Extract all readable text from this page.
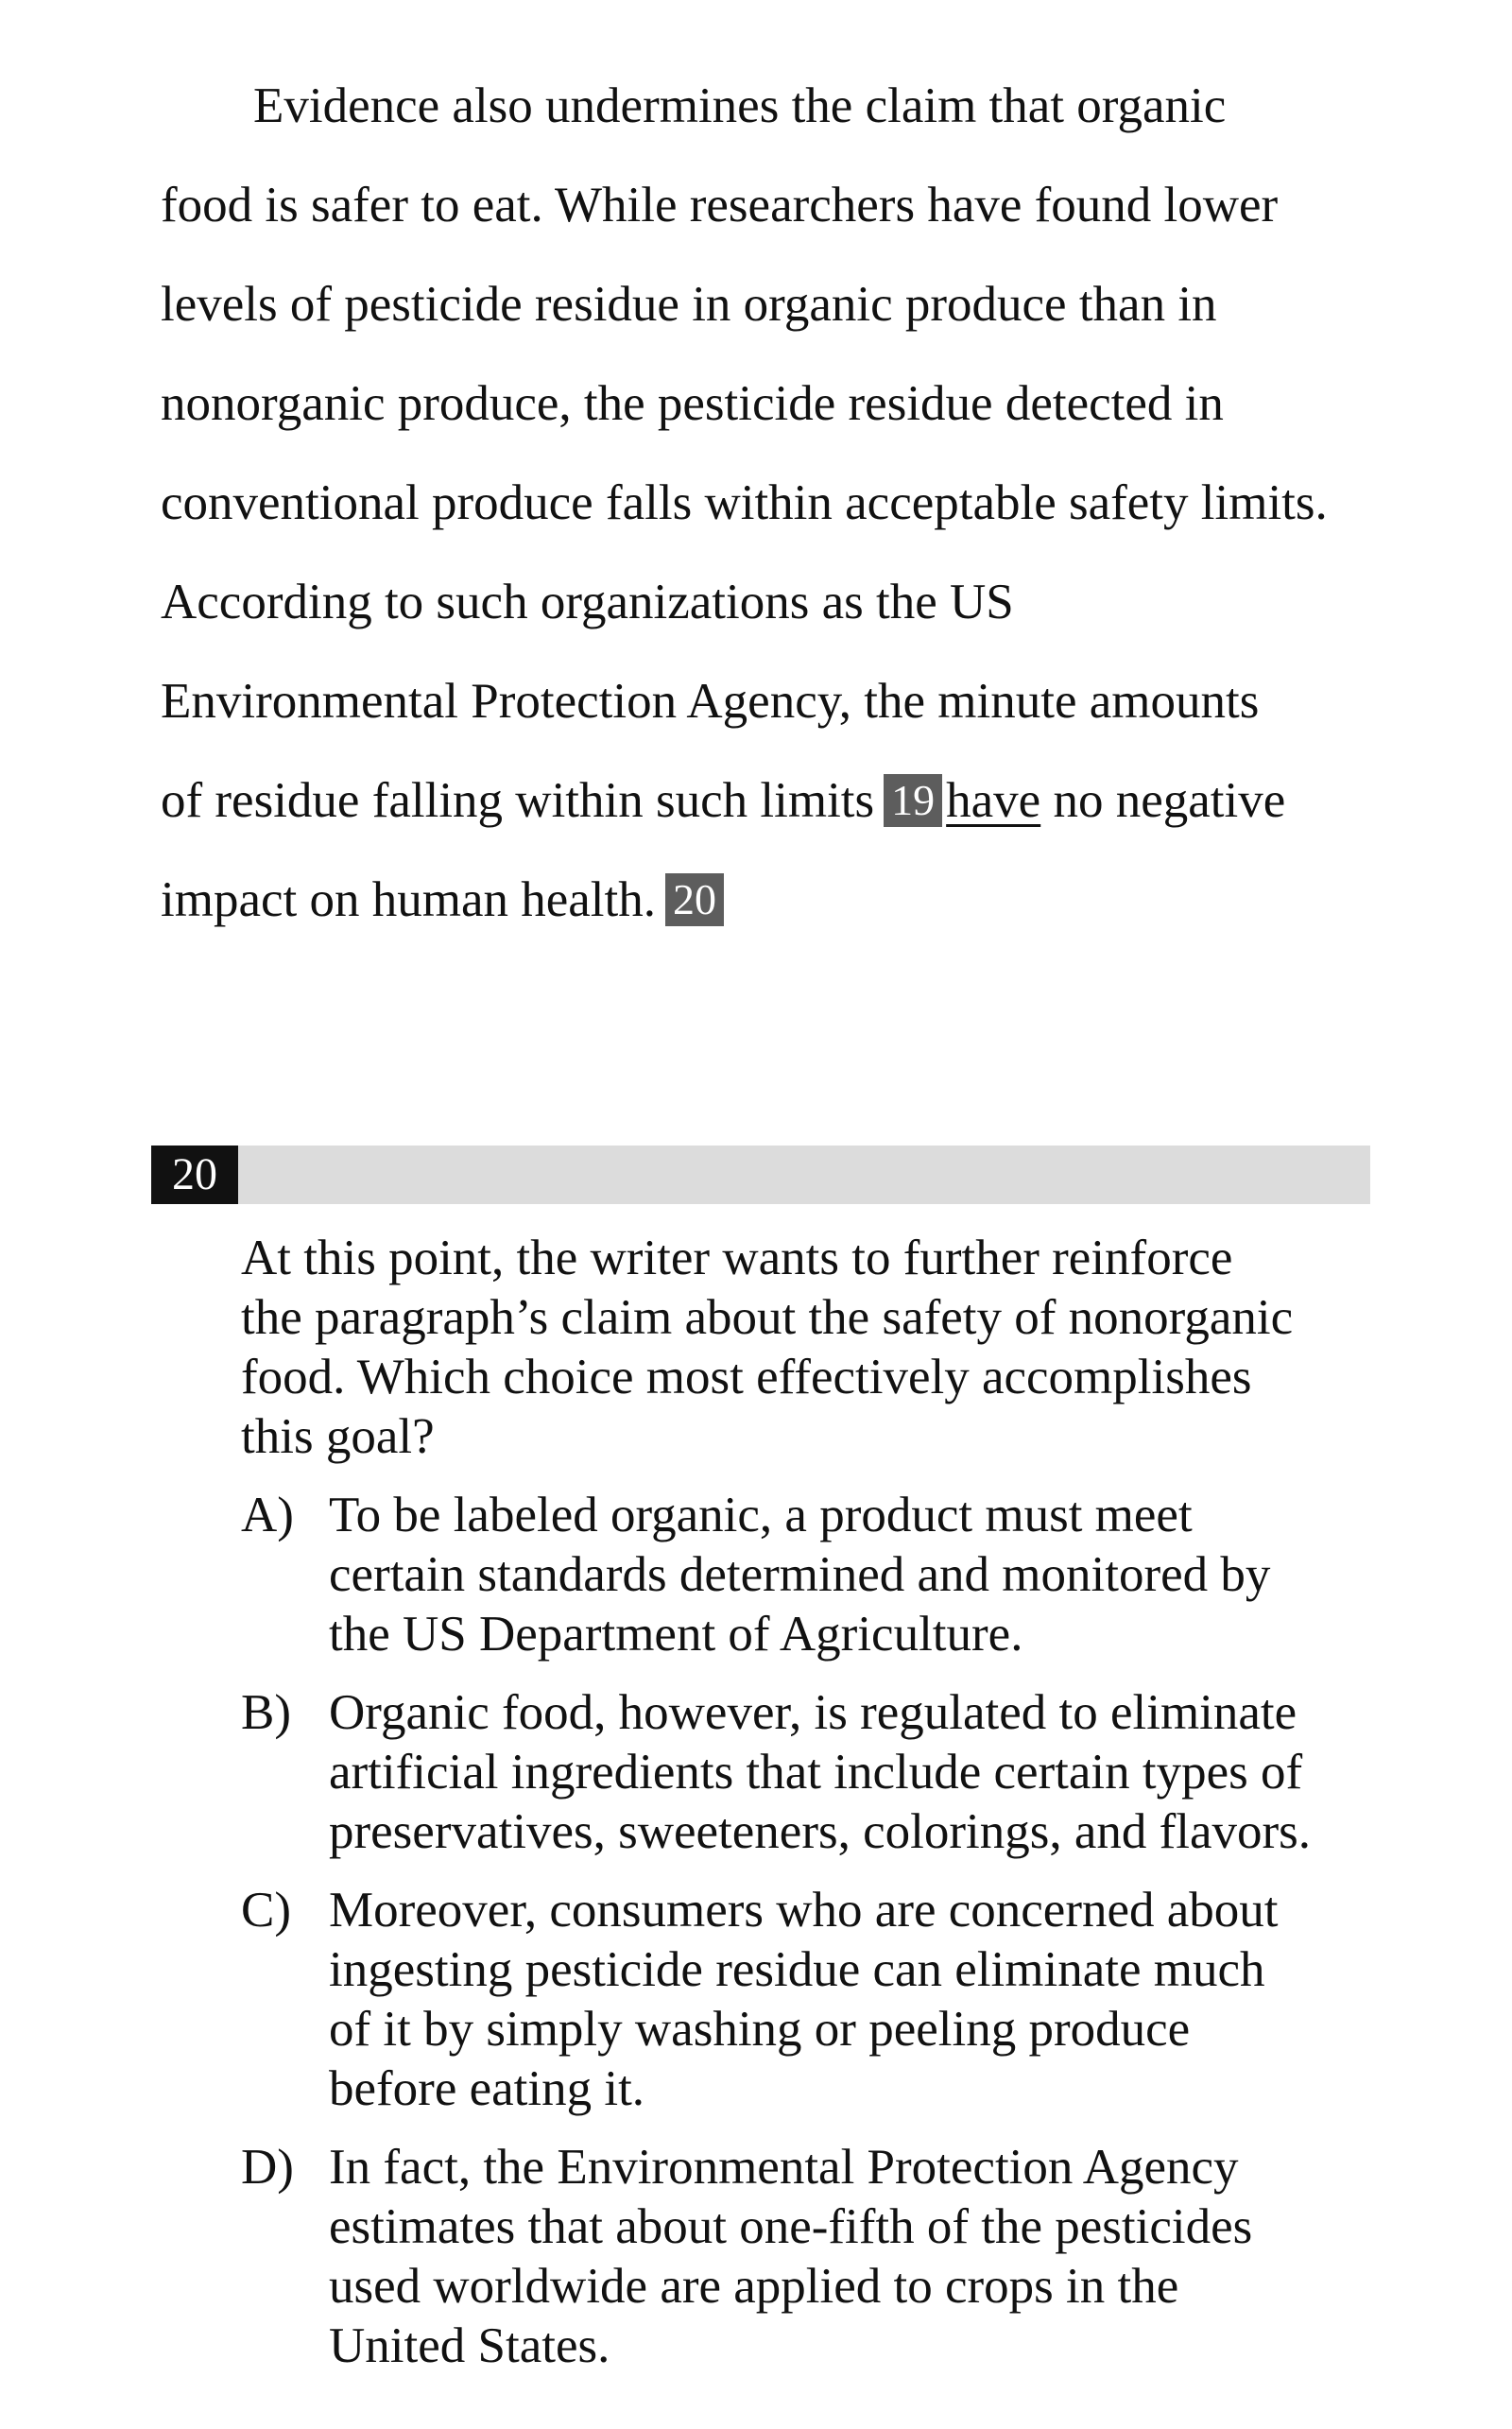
Evidence also undermines the claim that organic
food is safer to eat. While researchers have found lower
levels of pesticide residue in organic produce than in
nonorganic produce, the pesticide residue detected in
conventional produce falls within acceptable safety limits.
According to such organizations as the US
Environmental Protection Agency, the minute amounts
of residue falling within such limits 19 have no negative
impact on human health. 20

20
At this point, the writer wants to further reinforce
the paragraph’s claim about the safety of nonorganic
food. Which choice most effectively accomplishes
this goal?
A) To be labeled organic, a product must meet
certain standards determined and monitored by
the US Department of Agriculture.
B) Organic food, however, is regulated to eliminate
artificial ingredients that include certain types of
preservatives, sweeteners, colorings, and flavors.
C) Moreover, consumers who are concerned about
ingesting pesticide residue can eliminate much
of it by simply washing or peeling produce
before eating it.
D) In fact, the Environmental Protection Agency
estimates that about one-fifth of the pesticides
used worldwide are applied to crops in the
United States.
